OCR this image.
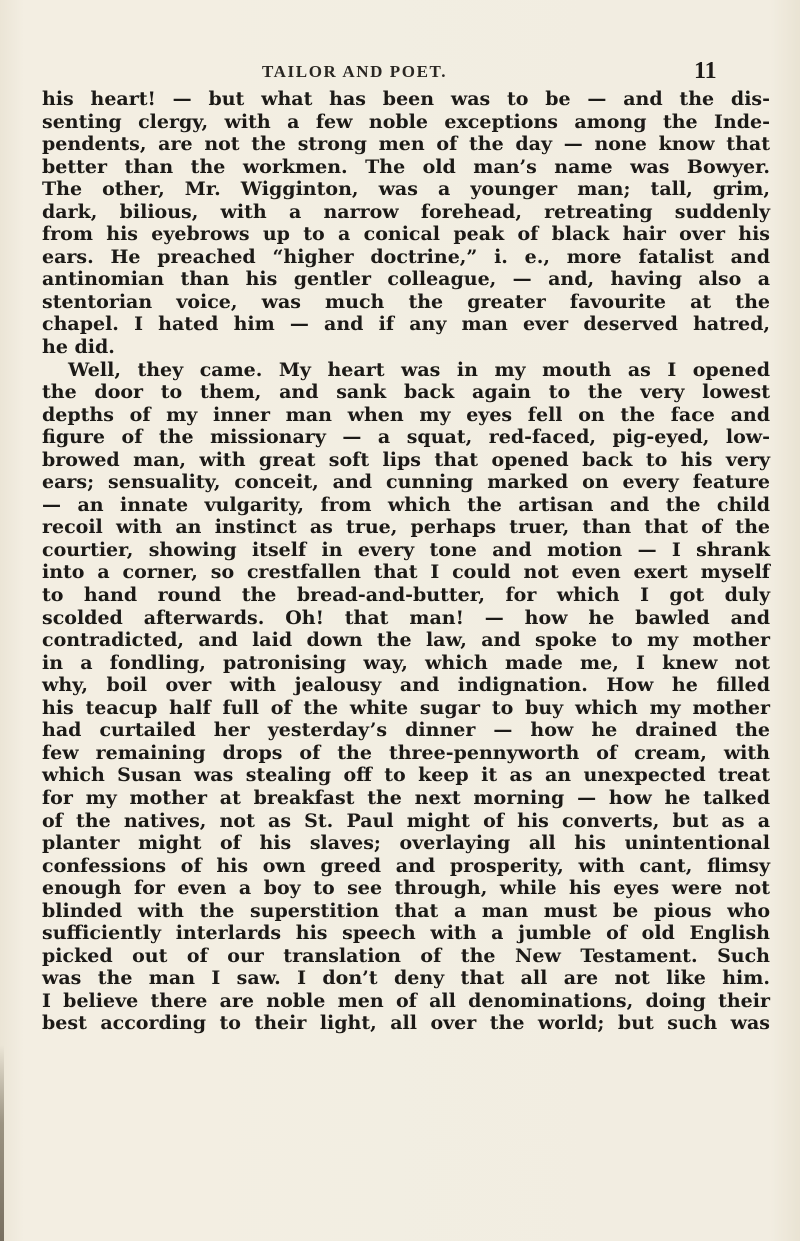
TAILOR AND POET.	11
his heart! — but what has been was to be — and the dis-
senting clergy, with a few noble exceptions among the Inde-
pendents, are not the strong men of the day — none know that
better than the workmen. The old man’s name was Bowyer.
The other, Mr. Wigginton, was a younger man; tall, grim,
dark, bilious, with a narrow forehead, retreating suddenly
from his eyebrows up to a conical peak of black hair over his
ears. He preached “higher doctrine,” i. e., more fatalist and
antinomian than his gentler colleague, — and, having also a
stentorian voice, was much the greater favourite at the
chapel. I hated him — and if any man ever deserved hatred,
he did.
Well, they came. My heart was in my mouth as I opened
the door to them, and sank back again to the very lowest
depths of my inner man when my eyes fell on the face and
figure of the missionary — a squat, red-faced, pig-eyed, low-
browed man, with great soft lips that opened back to his very
ears; sensuality, conceit, and cunning marked on every feature
— an innate vulgarity, from which the artisan and the child
recoil with an instinct as true, perhaps truer, than that of the
courtier, showing itself in every tone and motion — I shrank
into a corner, so crestfallen that I could not even exert myself
to hand round the bread-and-butter, for which I got duly
scolded afterwards. Oh! that man! — how he bawled and
contradicted, and laid down the law, and spoke to my mother
in a fondling, patronising way, which made me, I knew not
why, boil over with jealousy and indignation. How he filled
his teacup half full of the white sugar to buy which my mother
had curtailed her yesterday’s dinner — how he drained the
few remaining drops of the three-pennyworth of cream, with
which Susan was stealing off to keep it as an unexpected treat
for my mother at breakfast the next morning — how he talked
of the natives, not as St. Paul might of his converts, but as a
planter might of his slaves; overlaying all his unintentional
confessions of his own greed and prosperity, with cant, flimsy
enough for even a boy to see through, while his eyes were not
blinded with the superstition that a man must be pious who
sufficiently interlards his speech with a jumble of old English
picked out of our translation of the New Testament. Such
was the man I saw. I don’t deny that all are not like him.
I believe there are noble men of all denominations, doing their
best according to their light, all over the world; but such was
